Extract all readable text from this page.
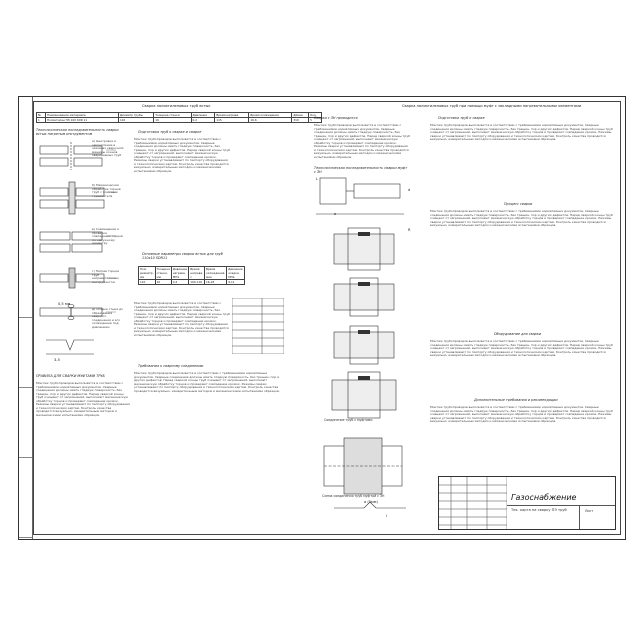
Сварка полиэтиленовых труб встык	Сварка полиэтиленовых труб при помощи муфт с закладными нагревательными элементами
№	Наименование материала	Диаметр трубы	Толщина стенки	Давление	Время нагрева	Время охлаждения	Длина	Кол.
1	Полиэтилен ПЭ 100 SDR 11	110	10	0,2	115	16,6	319	5
Технологическая последовательность сварки встык нагретым инструментом
а) Центровка и закрепление в зажимах сварочной машины концов свариваемых труб
б) Механическая обработка торцов труб с помощью торцевателя
в) Совмещение и проверка совпадения торцов по наружному диаметру
г) Нагрев торцов труб нагревательным инструментом
д) Осадка стыка до образования сварного соединения и его охлаждение под давлением
0,5 мм
3-5
ПРАВИЛА ДЛЯ СВАРКИ МУФТАМИ ТРУБ
Монтаж трубопроводов выполняется в соответствии с требованиями нормативных документов. Сварные соединения должны иметь гладкую поверхность, без трещин, пор и других дефектов. Перед сваркой концы труб очищают от загрязнений, выполняют механическую обработку торцов и проверяют совпадение кромок. Режимы сварки устанавливают по паспорту оборудования и технологическим картам. Контроль качества проводится визуально, измерительным методом и механическими испытаниями образцов.
Подготовка труб к сварке и сварке
Монтаж трубопроводов выполняется в соответствии с требованиями нормативных документов. Сварные соединения должны иметь гладкую поверхность, без трещин, пор и других дефектов. Перед сваркой концы труб очищают от загрязнений, выполняют механическую обработку торцов и проверяют совпадение кромок. Режимы сварки устанавливают по паспорту оборудования и технологическим картам. Контроль качества проводится визуально, измерительным методом и механическими испытаниями образцов.
Основные параметры сварки встык для труб 110х10 SDR11
Ном. диаметр, мм	Толщина стенки, мм	Давление нагрева, МПа	Время нагрева, с	Время охлаждения, мин	Давление осадки, МПа
110	10	0,2	100-110	16-18	9-11
Монтаж трубопроводов выполняется в соответствии с требованиями нормативных документов. Сварные соединения должны иметь гладкую поверхность, без трещин, пор и других дефектов. Перед сваркой концы труб очищают от загрязнений, выполняют механическую обработку торцов и проверяют совпадение кромок. Режимы сварки устанавливают по паспорту оборудования и технологическим картам. Контроль качества проводится визуально, измерительным методом и механическими испытаниями образцов.
Требования к сварному соединению
Монтаж трубопроводов выполняется в соответствии с требованиями нормативных документов. Сварные соединения должны иметь гладкую поверхность, без трещин, пор и других дефектов. Перед сваркой концы труб очищают от загрязнений, выполняют механическую обработку торцов и проверяют совпадение кромок. Режимы сварки устанавливают по паспорту оборудования и технологическим картам. Контроль качества проводится визуально, измерительным методом и механическими испытаниями образцов.
Сварка с ЗН проводится
Монтаж трубопроводов выполняется в соответствии с требованиями нормативных документов. Сварные соединения должны иметь гладкую поверхность, без трещин, пор и других дефектов. Перед сваркой концы труб очищают от загрязнений, выполняют механическую обработку торцов и проверяют совпадение кромок. Режимы сварки устанавливают по паспорту оборудования и технологическим картам. Контроль качества проводится визуально, измерительным методом и механическими испытаниями образцов.
Технологическая последовательность сварки муфт с ЗН
L
d
е
R
а (5мм)
l
Соединение труб с муфтами
Схема соединения труб муфтой с ЗН
Подготовка труб к сварке
Монтаж трубопроводов выполняется в соответствии с требованиями нормативных документов. Сварные соединения должны иметь гладкую поверхность, без трещин, пор и других дефектов. Перед сваркой концы труб очищают от загрязнений, выполняют механическую обработку торцов и проверяют совпадение кромок. Режимы сварки устанавливают по паспорту оборудования и технологическим картам. Контроль качества проводится визуально, измерительным методом и механическими испытаниями образцов.
Процесс сварки
Монтаж трубопроводов выполняется в соответствии с требованиями нормативных документов. Сварные соединения должны иметь гладкую поверхность, без трещин, пор и других дефектов. Перед сваркой концы труб очищают от загрязнений, выполняют механическую обработку торцов и проверяют совпадение кромок. Режимы сварки устанавливают по паспорту оборудования и технологическим картам. Контроль качества проводится визуально, измерительным методом и механическими испытаниями образцов.
Оборудование для сварки
Монтаж трубопроводов выполняется в соответствии с требованиями нормативных документов. Сварные соединения должны иметь гладкую поверхность, без трещин, пор и других дефектов. Перед сваркой концы труб очищают от загрязнений, выполняют механическую обработку торцов и проверяют совпадение кромок. Режимы сварки устанавливают по паспорту оборудования и технологическим картам. Контроль качества проводится визуально, измерительным методом и механическими испытаниями образцов.
Дополнительные требования и рекомендации
Монтаж трубопроводов выполняется в соответствии с требованиями нормативных документов. Сварные соединения должны иметь гладкую поверхность, без трещин, пор и других дефектов. Перед сваркой концы труб очищают от загрязнений, выполняют механическую обработку торцов и проверяют совпадение кромок. Режимы сварки устанавливают по паспорту оборудования и технологическим картам. Контроль качества проводится визуально, измерительным методом и механическими испытаниями образцов.
Газоснабжение
Тех. карта на сварку ПЭ труб	Лист
